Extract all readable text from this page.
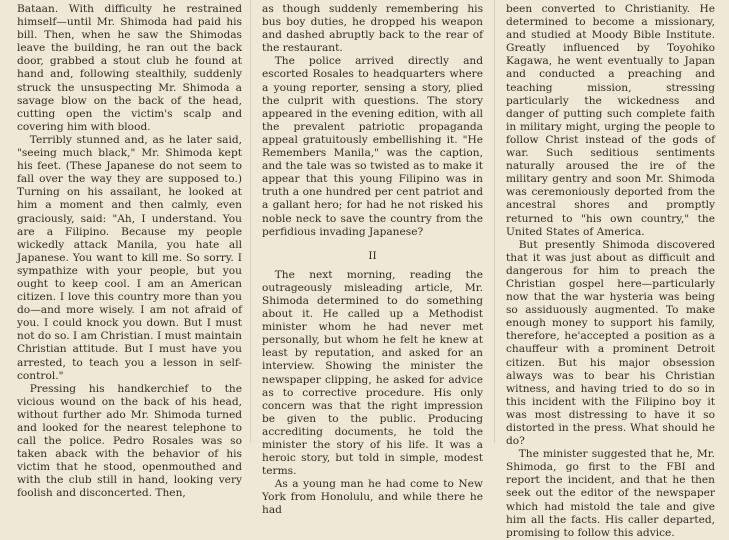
Bataan. With difficulty he restrained himself—until Mr. Shimoda had paid his bill. Then, when he saw the Shimodas leave the building, he ran out the back door, grabbed a stout club he found at hand and, following stealthily, suddenly struck the unsuspecting Mr. Shimoda a savage blow on the back of the head, cutting open the victim's scalp and covering him with blood.

Terribly stunned and, as he later said, "seeing much black," Mr. Shimoda kept his feet. (These Japanese do not seem to fall over the way they are supposed to.) Turning on his assailant, he looked at him a moment and then calmly, even graciously, said: "Ah, I understand. You are a Filipino. Because my people wickedly attack Manila, you hate all Japanese. You want to kill me. So sorry. I sympathize with your people, but you ought to keep cool. I am an American citizen. I love this country more than you do—and more wisely. I am not afraid of you. I could knock you down. But I must not do so. I am Christian. I must maintain Christian attitude. But I must have you arrested, to teach you a lesson in self-control."

Pressing his handkerchief to the vicious wound on the back of his head, without further ado Mr. Shimoda turned and looked for the nearest telephone to call the police. Pedro Rosales was so taken aback with the behavior of his victim that he stood, openmouthed and with the club still in hand, looking very foolish and disconcerted. Then,

as though suddenly remembering his bus boy duties, he dropped his weapon and dashed abruptly back to the rear of the restaurant.

The police arrived directly and escorted Rosales to headquarters where a young reporter, sensing a story, plied the culprit with questions. The story appeared in the evening edition, with all the prevalent patriotic propaganda appeal gratuitously embellishing it. "He Remembers Manila," was the caption, and the tale was so twisted as to make it appear that this young Filipino was in truth a one hundred per cent patriot and a gallant hero; for had he not risked his noble neck to save the country from the perfidious invading Japanese?

II

The next morning, reading the outrageously misleading article, Mr. Shimoda determined to do something about it. He called up a Methodist minister whom he had never met personally, but whom he felt he knew at least by reputation, and asked for an interview. Showing the minister the newspaper clipping, he asked for advice as to corrective procedure. His only concern was that the right impression be given to the public. Producing accrediting documents, he told the minister the story of his life. It was a heroic story, but told in simple, modest terms.

As a young man he had come to New York from Honolulu, and while there he had

been converted to Christianity. He determined to become a missionary, and studied at Moody Bible Institute. Greatly influenced by Toyohiko Kagawa, he went eventually to Japan and conducted a preaching and teaching mission, stressing particularly the wickedness and danger of putting such complete faith in military might, urging the people to follow Christ instead of the gods of war. Such seditious sentiments naturally aroused the ire of the military gentry and soon Mr. Shimoda was ceremoniously deported from the ancestral shores and promptly returned to "his own country," the United States of America.

But presently Shimoda discovered that it was just about as difficult and dangerous for him to preach the Christian gospel here—particularly now that the war hysteria was being so assiduously augmented. To make enough money to support his family, therefore, he'accepted a position as a chauffeur with a prominent Detroit citizen. But his major obsession always was to bear his Christian witness, and having tried to do so in this incident with the Filipino boy it was most distressing to have it so distorted in the press. What should he do?

The minister suggested that he, Mr. Shimoda, go first to the FBI and report the incident, and that he then seek out the editor of the newspaper which had mistold the tale and give him all the facts. His caller departed, promising to follow this advice.
